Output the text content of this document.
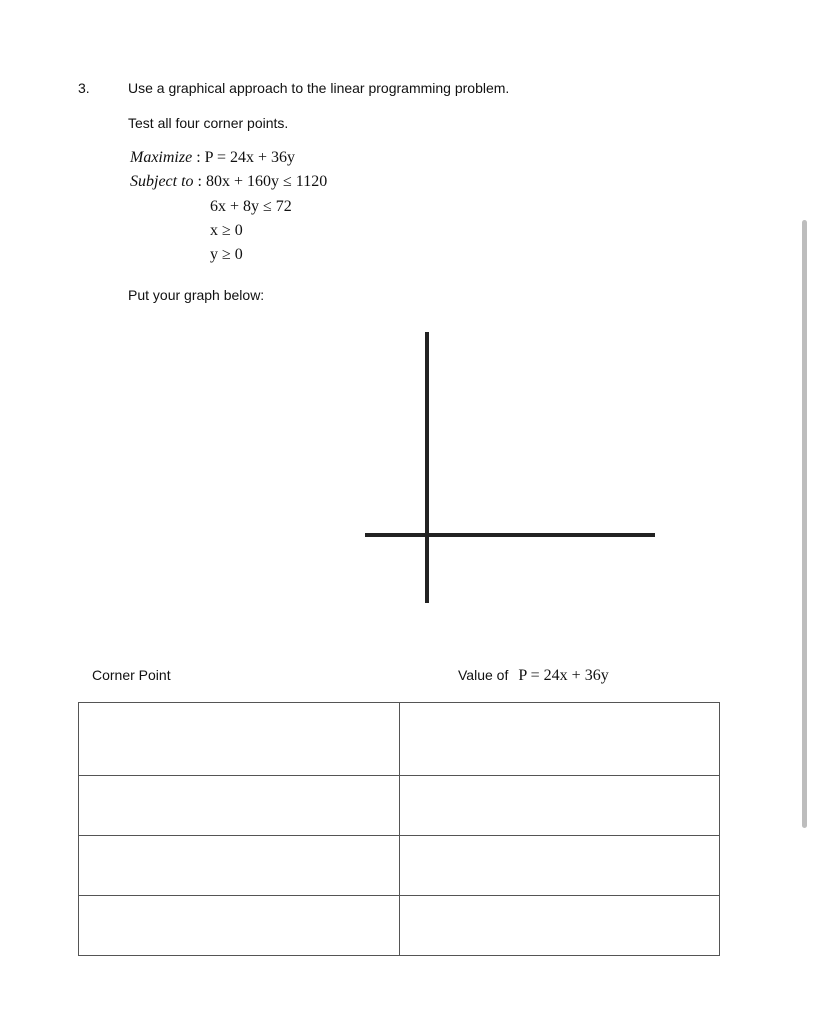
3.	Use a graphical approach to the linear programming problem.
Test all four corner points.
Maximize : P = 24x + 36y
Subject to : 80x + 160y ≤ 1120
6x + 8y ≤ 72
x ≥ 0
y ≥ 0
Put your graph below:
Corner Point	Value of P = 24x + 36y
